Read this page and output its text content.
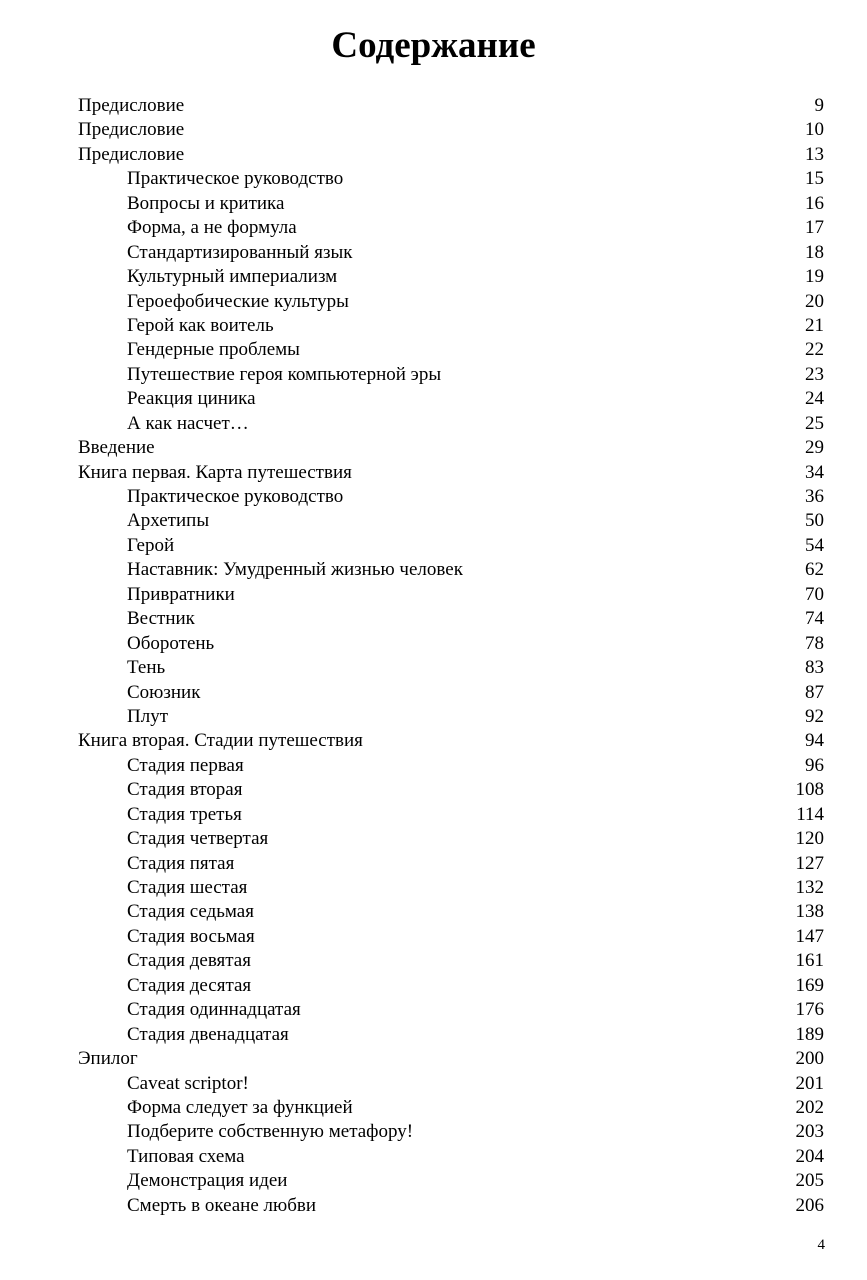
Содержание
Предисловие	9
Предисловие	10
Предисловие	13
Практическое руководство	15
Вопросы и критика	16
Форма, а не формула	17
Стандартизированный язык	18
Культурный империализм	19
Героефобические культуры	20
Герой как воитель	21
Гендерные проблемы	22
Путешествие героя компьютерной эры	23
Реакция циника	24
А как насчет…	25
Введение	29
Книга первая. Карта путешествия	34
Практическое руководство	36
Архетипы	50
Герой	54
Наставник: Умудренный жизнью человек	62
Привратники	70
Вестник	74
Оборотень	78
Тень	83
Союзник	87
Плут	92
Книга вторая. Стадии путешествия	94
Стадия первая	96
Стадия вторая	108
Стадия третья	114
Стадия четвертая	120
Стадия пятая	127
Стадия шестая	132
Стадия седьмая	138
Стадия восьмая	147
Стадия девятая	161
Стадия десятая	169
Стадия одиннадцатая	176
Стадия двенадцатая	189
Эпилог	200
Caveat scriptor!	201
Форма следует за функцией	202
Подберите собственную метафору!	203
Типовая схема	204
Демонстрация идеи	205
Смерть в океане любви	206
4
